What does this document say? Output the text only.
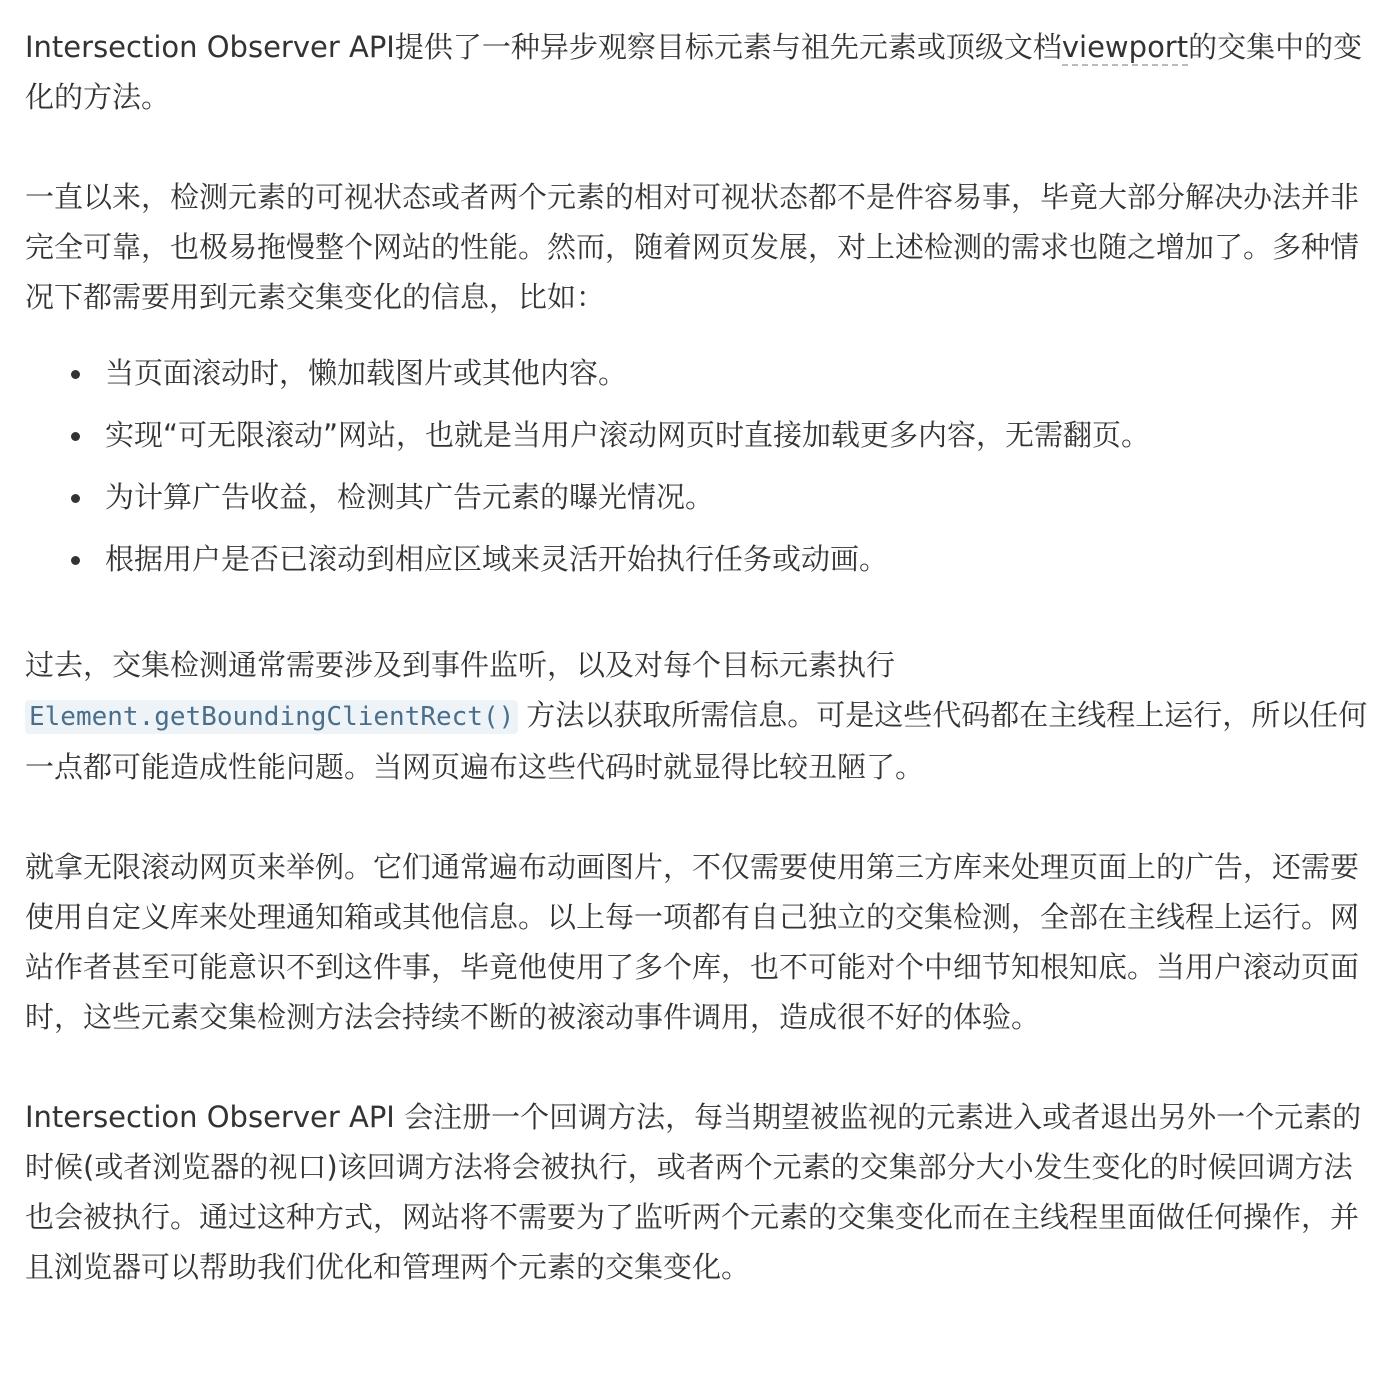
Intersection Observer API提供了一种异步观察目标元素与祖先元素或顶级文档viewport的交集中的变化的方法。

一直以来，检测元素的可视状态或者两个元素的相对可视状态都不是件容易事，毕竟大部分解决办法并非完全可靠，也极易拖慢整个网站的性能。然而，随着网页发展，对上述检测的需求也随之增加了。多种情况下都需要用到元素交集变化的信息，比如：

当页面滚动时，懒加载图片或其他内容。
实现“可无限滚动”网站，也就是当用户滚动网页时直接加载更多内容，无需翻页。
为计算广告收益，检测其广告元素的曝光情况。
根据用户是否已滚动到相应区域来灵活开始执行任务或动画。

过去，交集检测通常需要涉及到事件监听，以及对每个目标元素执行
Element.getBoundingClientRect() 方法以获取所需信息。可是这些代码都在主线程上运行，所以任何一点都可能造成性能问题。当网页遍布这些代码时就显得比较丑陋了。

就拿无限滚动网页来举例。它们通常遍布动画图片，不仅需要使用第三方库来处理页面上的广告，还需要使用自定义库来处理通知箱或其他信息。以上每一项都有自己独立的交集检测，全部在主线程上运行。网站作者甚至可能意识不到这件事，毕竟他使用了多个库，也不可能对个中细节知根知底。当用户滚动页面时，这些元素交集检测方法会持续不断的被滚动事件调用，造成很不好的体验。

Intersection Observer API 会注册一个回调方法，每当期望被监视的元素进入或者退出另外一个元素的时候(或者浏览器的视口)该回调方法将会被执行，或者两个元素的交集部分大小发生变化的时候回调方法也会被执行。通过这种方式，网站将不需要为了监听两个元素的交集变化而在主线程里面做任何操作，并且浏览器可以帮助我们优化和管理两个元素的交集变化。
